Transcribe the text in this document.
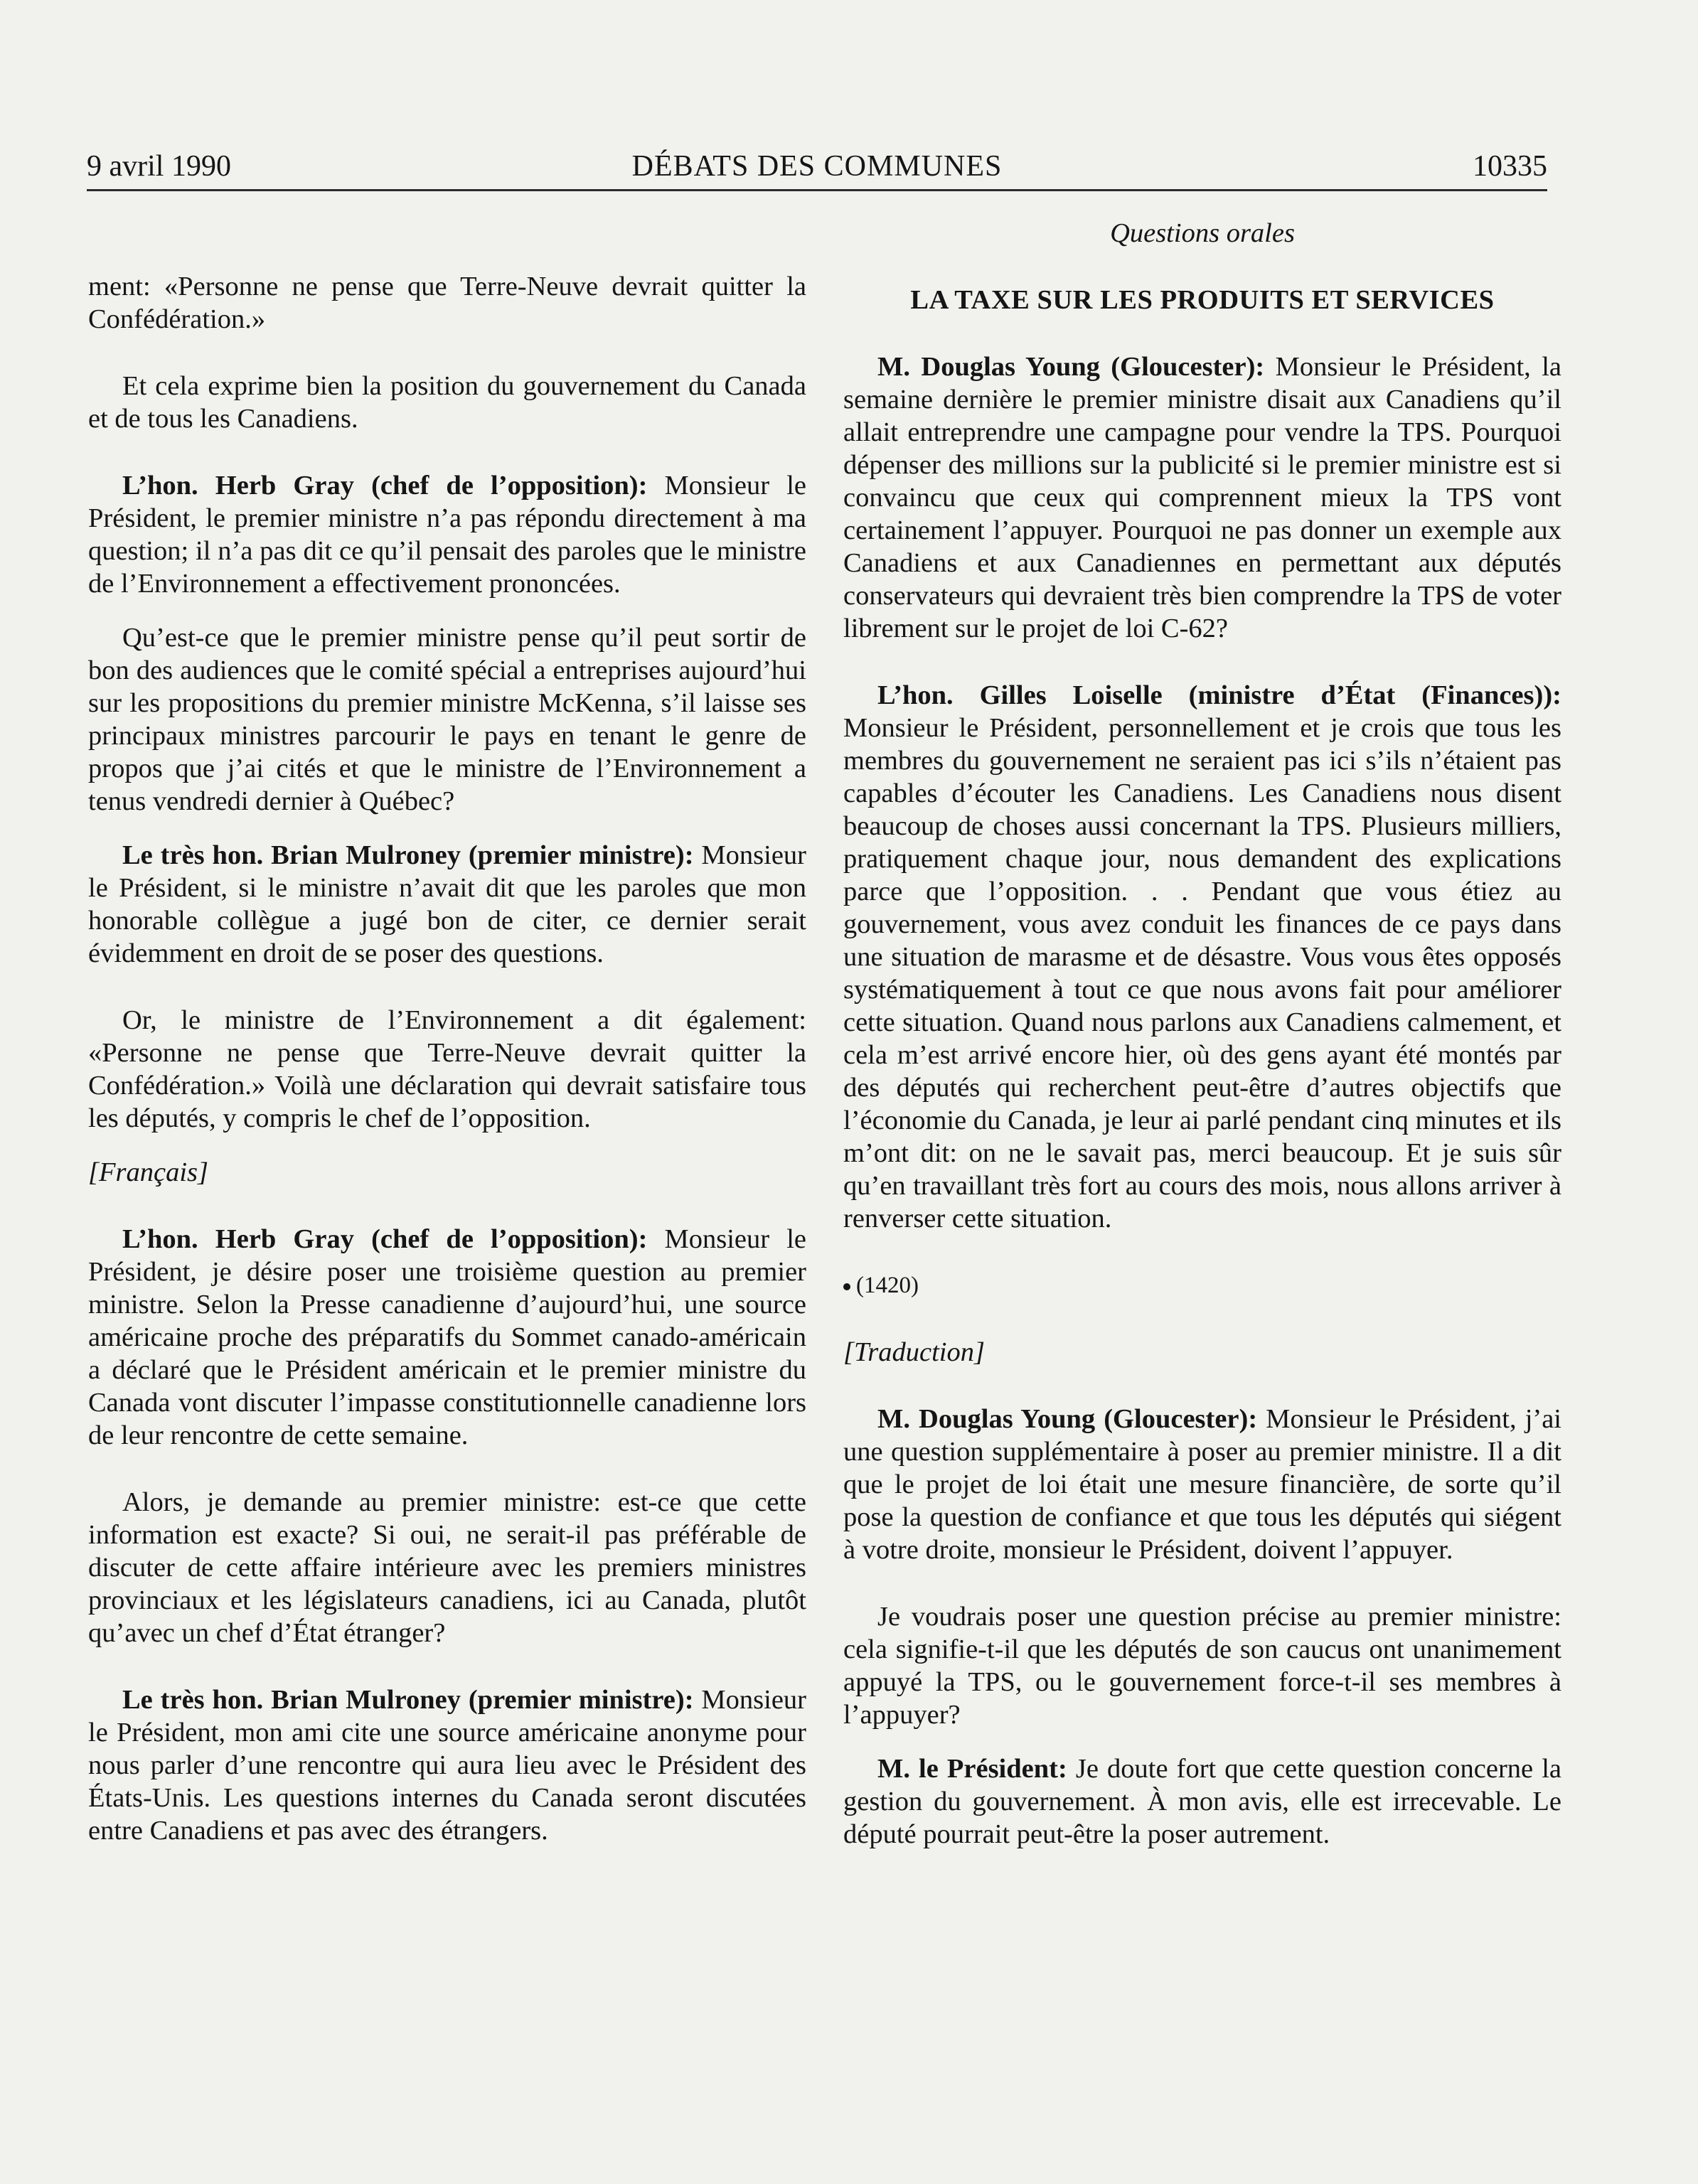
9 avril 1990	DÉBATS DES COMMUNES	10335

ment: «Personne ne pense que Terre-Neuve devrait quitter la Confédération.»

Et cela exprime bien la position du gouvernement du Canada et de tous les Canadiens.

L’hon. Herb Gray (chef de l’opposition): Monsieur le Président, le premier ministre n’a pas répondu directement à ma question; il n’a pas dit ce qu’il pensait des paroles que le ministre de l’Environnement a effectivement prononcées.

Qu’est-ce que le premier ministre pense qu’il peut sortir de bon des audiences que le comité spécial a entreprises aujourd’hui sur les propositions du premier ministre McKenna, s’il laisse ses principaux ministres parcourir le pays en tenant le genre de propos que j’ai cités et que le ministre de l’Environnement a tenus vendredi dernier à Québec?

Le très hon. Brian Mulroney (premier ministre): Monsieur le Président, si le ministre n’avait dit que les paroles que mon honorable collègue a jugé bon de citer, ce dernier serait évidemment en droit de se poser des questions.

Or, le ministre de l’Environnement a dit également: «Personne ne pense que Terre-Neuve devrait quitter la Confédération.» Voilà une déclaration qui devrait satisfaire tous les députés, y compris le chef de l’opposition.

[Français]

L’hon. Herb Gray (chef de l’opposition): Monsieur le Président, je désire poser une troisième question au premier ministre. Selon la Presse canadienne d’aujourd’hui, une source américaine proche des préparatifs du Sommet canado-américain a déclaré que le Président américain et le premier ministre du Canada vont discuter l’impasse constitutionnelle canadienne lors de leur rencontre de cette semaine.

Alors, je demande au premier ministre: est-ce que cette information est exacte? Si oui, ne serait-il pas préférable de discuter de cette affaire intérieure avec les premiers ministres provinciaux et les législateurs canadiens, ici au Canada, plutôt qu’avec un chef d’État étranger?

Le très hon. Brian Mulroney (premier ministre): Monsieur le Président, mon ami cite une source américaine anonyme pour nous parler d’une rencontre qui aura lieu avec le Président des États-Unis. Les questions internes du Canada seront discutées entre Canadiens et pas avec des étrangers.

Questions orales

LA TAXE SUR LES PRODUITS ET SERVICES

M. Douglas Young (Gloucester): Monsieur le Président, la semaine dernière le premier ministre disait aux Canadiens qu’il allait entreprendre une campagne pour vendre la TPS. Pourquoi dépenser des millions sur la publicité si le premier ministre est si convaincu que ceux qui comprennent mieux la TPS vont certainement l’appuyer. Pourquoi ne pas donner un exemple aux Canadiens et aux Canadiennes en permettant aux députés conservateurs qui devraient très bien comprendre la TPS de voter librement sur le projet de loi C-62?

L’hon. Gilles Loiselle (ministre d’État (Finances)): Monsieur le Président, personnellement et je crois que tous les membres du gouvernement ne seraient pas ici s’ils n’étaient pas capables d’écouter les Canadiens. Les Canadiens nous disent beaucoup de choses aussi concernant la TPS. Plusieurs milliers, pratiquement chaque jour, nous demandent des explications parce que l’opposition. . . Pendant que vous étiez au gouvernement, vous avez conduit les finances de ce pays dans une situation de marasme et de désastre. Vous vous êtes opposés systématiquement à tout ce que nous avons fait pour améliorer cette situation. Quand nous parlons aux Canadiens calmement, et cela m’est arrivé encore hier, où des gens ayant été montés par des députés qui recherchent peut-être d’autres objectifs que l’économie du Canada, je leur ai parlé pendant cinq minutes et ils m’ont dit: on ne le savait pas, merci beaucoup. Et je suis sûr qu’en travaillant très fort au cours des mois, nous allons arriver à renverser cette situation.

(1420)

[Traduction]

M. Douglas Young (Gloucester): Monsieur le Président, j’ai une question supplémentaire à poser au premier ministre. Il a dit que le projet de loi était une mesure financière, de sorte qu’il pose la question de confiance et que tous les députés qui siégent à votre droite, monsieur le Président, doivent l’appuyer.

Je voudrais poser une question précise au premier ministre: cela signifie-t-il que les députés de son caucus ont unanimement appuyé la TPS, ou le gouvernement force-t-il ses membres à l’appuyer?

M. le Président: Je doute fort que cette question concerne la gestion du gouvernement. À mon avis, elle est irrecevable. Le député pourrait peut-être la poser autrement.
